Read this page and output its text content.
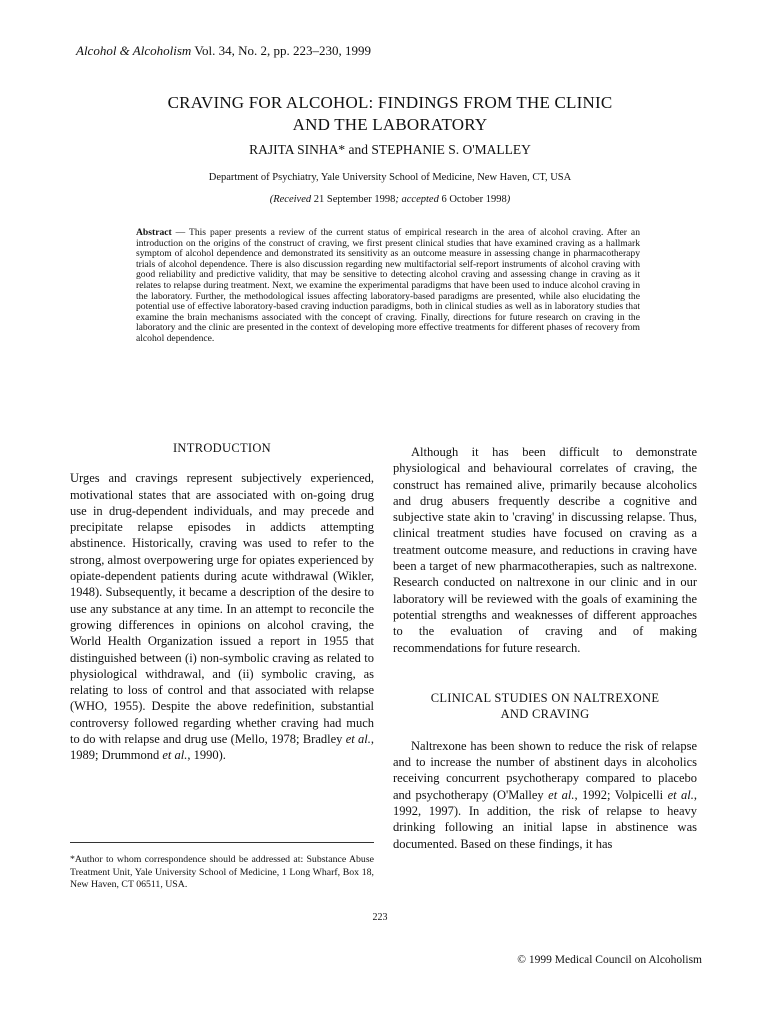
Alcohol & Alcoholism Vol. 34, No. 2, pp. 223–230, 1999
CRAVING FOR ALCOHOL: FINDINGS FROM THE CLINIC
AND THE LABORATORY
RAJITA SINHA* and STEPHANIE S. O'MALLEY
Department of Psychiatry, Yale University School of Medicine, New Haven, CT, USA
(Received 21 September 1998; accepted 6 October 1998)
Abstract — This paper presents a review of the current status of empirical research in the area of alcohol craving. After an introduction on the origins of the construct of craving, we first present clinical studies that have examined craving as a hallmark symptom of alcohol dependence and demonstrated its sensitivity as an outcome measure in assessing change in pharmacotherapy trials of alcohol dependence. There is also discussion regarding new multifactorial self-report instruments of alcohol craving with good reliability and predictive validity, that may be sensitive to detecting alcohol craving and assessing change in craving as it relates to relapse during treatment. Next, we examine the experimental paradigms that have been used to induce alcohol craving in the laboratory. Further, the methodological issues affecting laboratory-based paradigms are presented, while also elucidating the potential use of effective laboratory-based craving induction paradigms, both in clinical studies as well as in laboratory studies that examine the brain mechanisms associated with the concept of craving. Finally, directions for future research on craving in the laboratory and the clinic are presented in the context of developing more effective treatments for different phases of recovery from alcohol dependence.
INTRODUCTION

Urges and cravings represent subjectively experienced, motivational states that are associated with on-going drug use in drug-dependent individuals, and may precede and precipitate relapse episodes in addicts attempting abstinence. Historically, craving was used to refer to the strong, almost overpowering urge for opiates experienced by opiate-dependent patients during acute withdrawal (Wikler, 1948). Subsequently, it became a description of the desire to use any substance at any time. In an attempt to reconcile the growing differences in opinions on alcohol craving, the World Health Organization issued a report in 1955 that distinguished between (i) non-symbolic craving as related to physiological withdrawal, and (ii) symbolic craving, as relating to loss of control and that associated with relapse (WHO, 1955). Despite the above redefinition, substantial controversy followed regarding whether craving had much to do with relapse and drug use (Mello, 1978; Bradley et al., 1989; Drummond et al., 1990).

*Author to whom correspondence should be addressed at: Substance Abuse Treatment Unit, Yale University School of Medicine, 1 Long Wharf, Box 18, New Haven, CT 06511, USA.

Although it has been difficult to demonstrate physiological and behavioural correlates of craving, the construct has remained alive, primarily because alcoholics and drug abusers frequently describe a cognitive and subjective state akin to 'craving' in discussing relapse. Thus, clinical treatment studies have focused on craving as a treatment outcome measure, and reductions in craving have been a target of new pharmacotherapies, such as naltrexone. Research conducted on naltrexone in our clinic and in our laboratory will be reviewed with the goals of examining the potential strengths and weaknesses of different approaches to the evaluation of craving and of making recommendations for future research.

CLINICAL STUDIES ON NALTREXONE
AND CRAVING

Naltrexone has been shown to reduce the risk of relapse and to increase the number of abstinent days in alcoholics receiving concurrent psychotherapy compared to placebo and psychotherapy (O'Malley et al., 1992; Volpicelli et al., 1992, 1997). In addition, the risk of relapse to heavy drinking following an initial lapse in abstinence was documented. Based on these findings, it has

223
© 1999 Medical Council on Alcoholism
